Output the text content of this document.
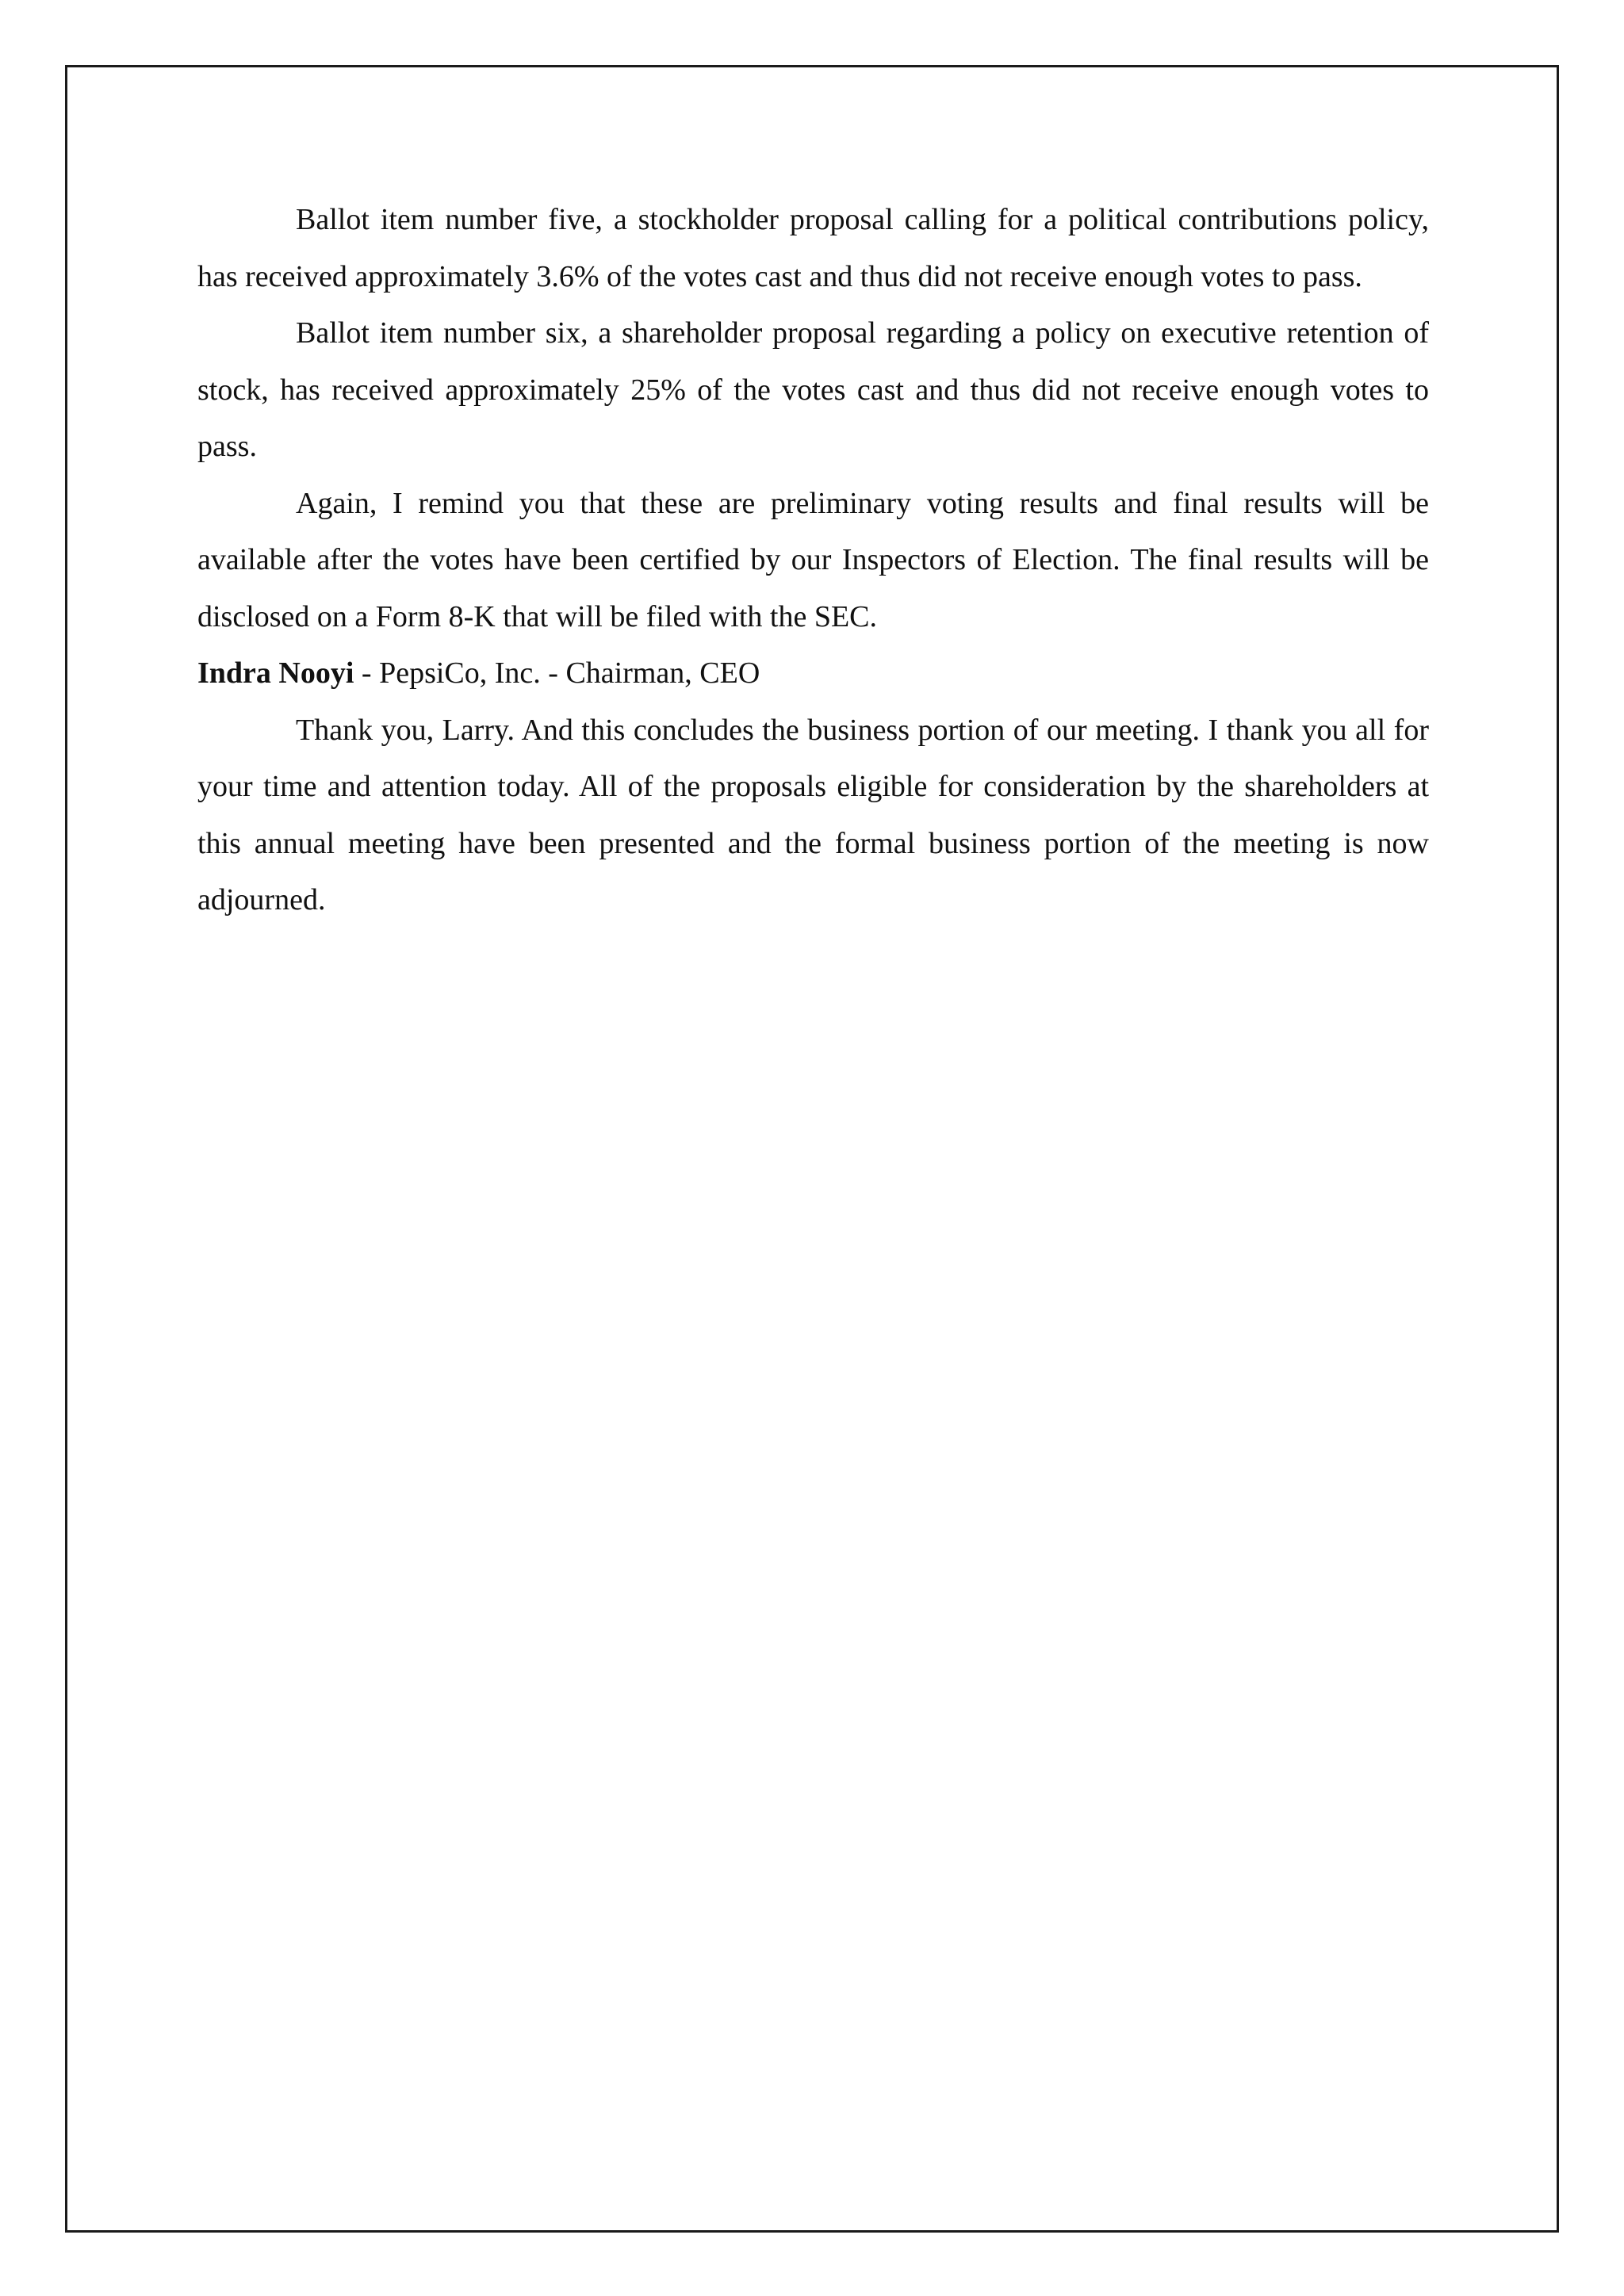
Ballot item number five, a stockholder proposal calling for a political contributions policy, has received approximately 3.6% of the votes cast and thus did not receive enough votes to pass.

Ballot item number six, a shareholder proposal regarding a policy on executive retention of stock, has received approximately 25% of the votes cast and thus did not receive enough votes to pass.

Again, I remind you that these are preliminary voting results and final results will be available after the votes have been certified by our Inspectors of Election. The final results will be disclosed on a Form 8-K that will be filed with the SEC.

Indra Nooyi - PepsiCo, Inc. - Chairman, CEO

Thank you, Larry. And this concludes the business portion of our meeting. I thank you all for your time and attention today. All of the proposals eligible for consideration by the shareholders at this annual meeting have been presented and the formal business portion of the meeting is now adjourned.
